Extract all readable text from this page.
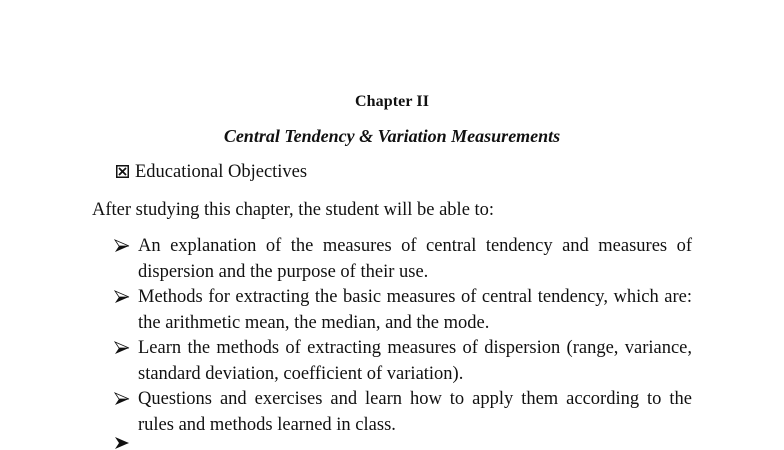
Chapter II
Central Tendency & Variation Measurements
Educational Objectives
After studying this chapter, the student will be able to:
An explanation of the measures of central tendency and measures of dispersion and the purpose of their use.
Methods for extracting the basic measures of central tendency, which are: the arithmetic mean, the median, and the mode.
Learn the methods of extracting measures of dispersion (range, variance, standard deviation, coefficient of variation).
Questions and exercises and learn how to apply them according to the rules and methods learned in class.
